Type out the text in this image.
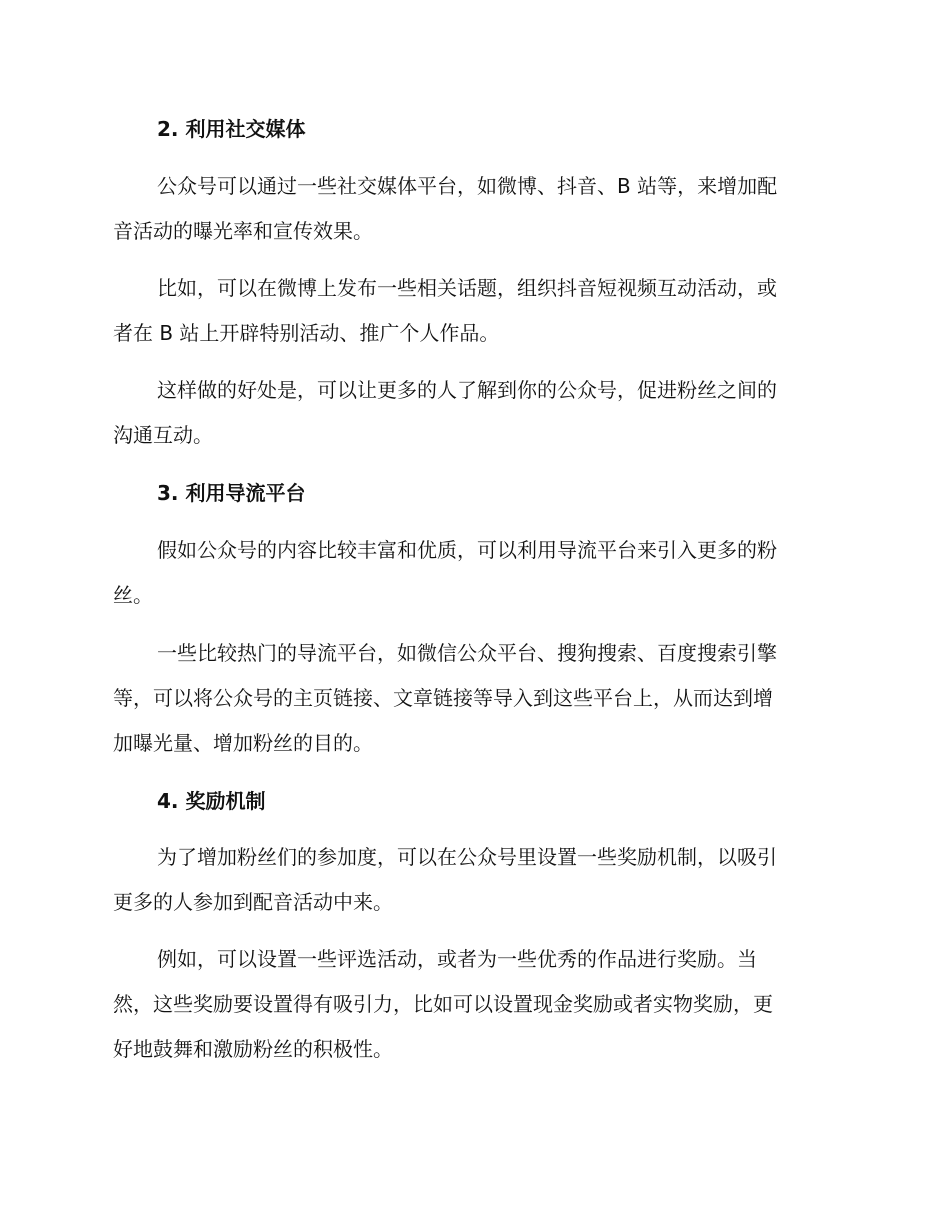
2. 利用社交媒体

公众号可以通过一些社交媒体平台，如微博、抖音、B 站等，来增加配
音活动的曝光率和宣传效果。

比如，可以在微博上发布一些相关话题，组织抖音短视频互动活动，或
者在 B 站上开辟特别活动、推广个人作品。

这样做的好处是，可以让更多的人了解到你的公众号，促进粉丝之间的
沟通互动。

3. 利用导流平台

假如公众号的内容比较丰富和优质，可以利用导流平台来引入更多的粉
丝。

一些比较热门的导流平台，如微信公众平台、搜狗搜索、百度搜索引擎
等，可以将公众号的主页链接、文章链接等导入到这些平台上，从而达到增
加曝光量、增加粉丝的目的。

4. 奖励机制

为了增加粉丝们的参加度，可以在公众号里设置一些奖励机制，以吸引
更多的人参加到配音活动中来。

例如，可以设置一些评选活动，或者为一些优秀的作品进行奖励。当
然，这些奖励要设置得有吸引力，比如可以设置现金奖励或者实物奖励，更
好地鼓舞和激励粉丝的积极性。
